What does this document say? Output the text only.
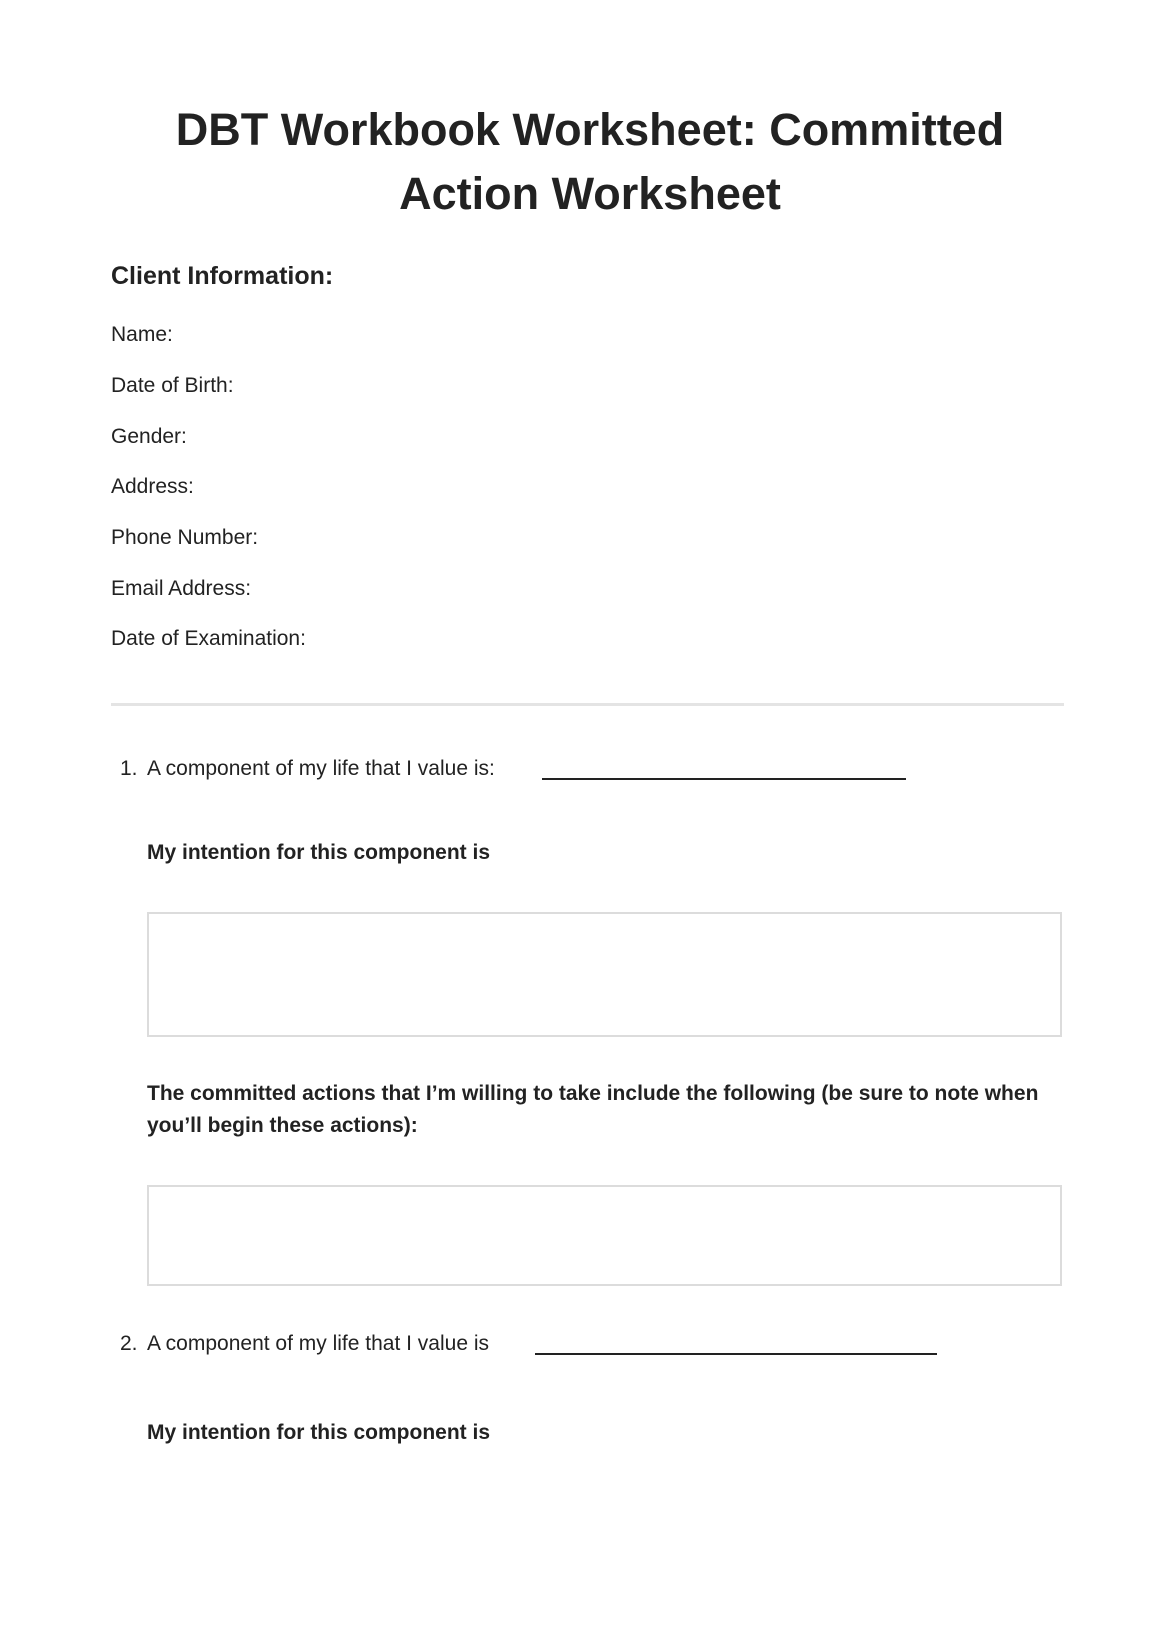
DBT Workbook Worksheet: Committed Action Worksheet
Client Information:
Name:
Date of Birth:
Gender:
Address:
Phone Number:
Email Address:
Date of Examination:
1. A component of my life that I value is:
My intention for this component is
The committed actions that I’m willing to take include the following (be sure to note when you’ll begin these actions):
2. A component of my life that I value is
My intention for this component is
